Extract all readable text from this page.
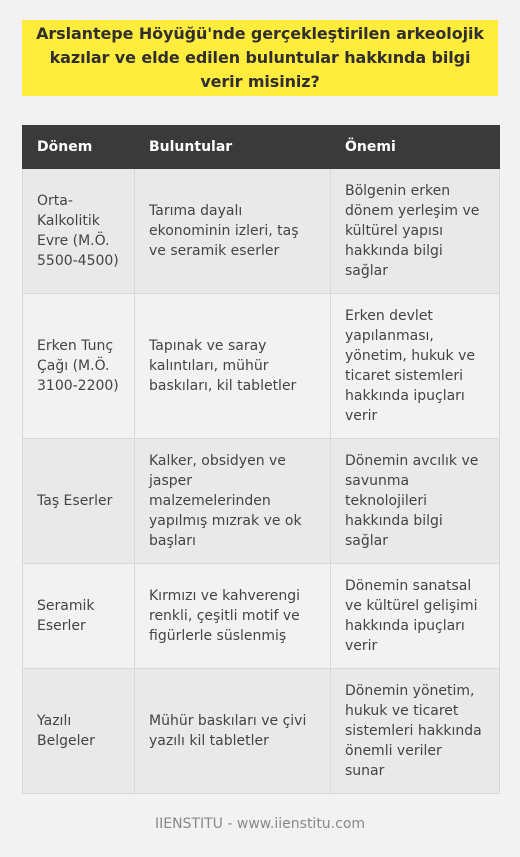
Arslantepe Höyüğü'nde gerçekleştirilen arkeolojik kazılar ve elde edilen buluntular hakkında bilgi verir misiniz?
Dönem	Buluntular	Önemi
Orta-Kalkolitik Evre (M.Ö. 5500-4500)	Tarıma dayalı ekonominin izleri, taş ve seramik eserler	Bölgenin erken dönem yerleşim ve kültürel yapısı hakkında bilgi sağlar
Erken Tunç Çağı (M.Ö. 3100-2200)	Tapınak ve saray kalıntıları, mühür baskıları, kil tabletler	Erken devlet yapılanması, yönetim, hukuk ve ticaret sistemleri hakkında ipuçları verir
Taş Eserler	Kalker, obsidyen ve jasper malzemelerinden yapılmış mızrak ve ok başları	Dönemin avcılık ve savunma teknolojileri hakkında bilgi sağlar
Seramik Eserler	Kırmızı ve kahverengi renkli, çeşitli motif ve figürlerle süslenmiş	Dönemin sanatsal ve kültürel gelişimi hakkında ipuçları verir
Yazılı Belgeler	Mühür baskıları ve çivi yazılı kil tabletler	Dönemin yönetim, hukuk ve ticaret sistemleri hakkında önemli veriler sunar
IIENSTITU - www.iienstitu.com
